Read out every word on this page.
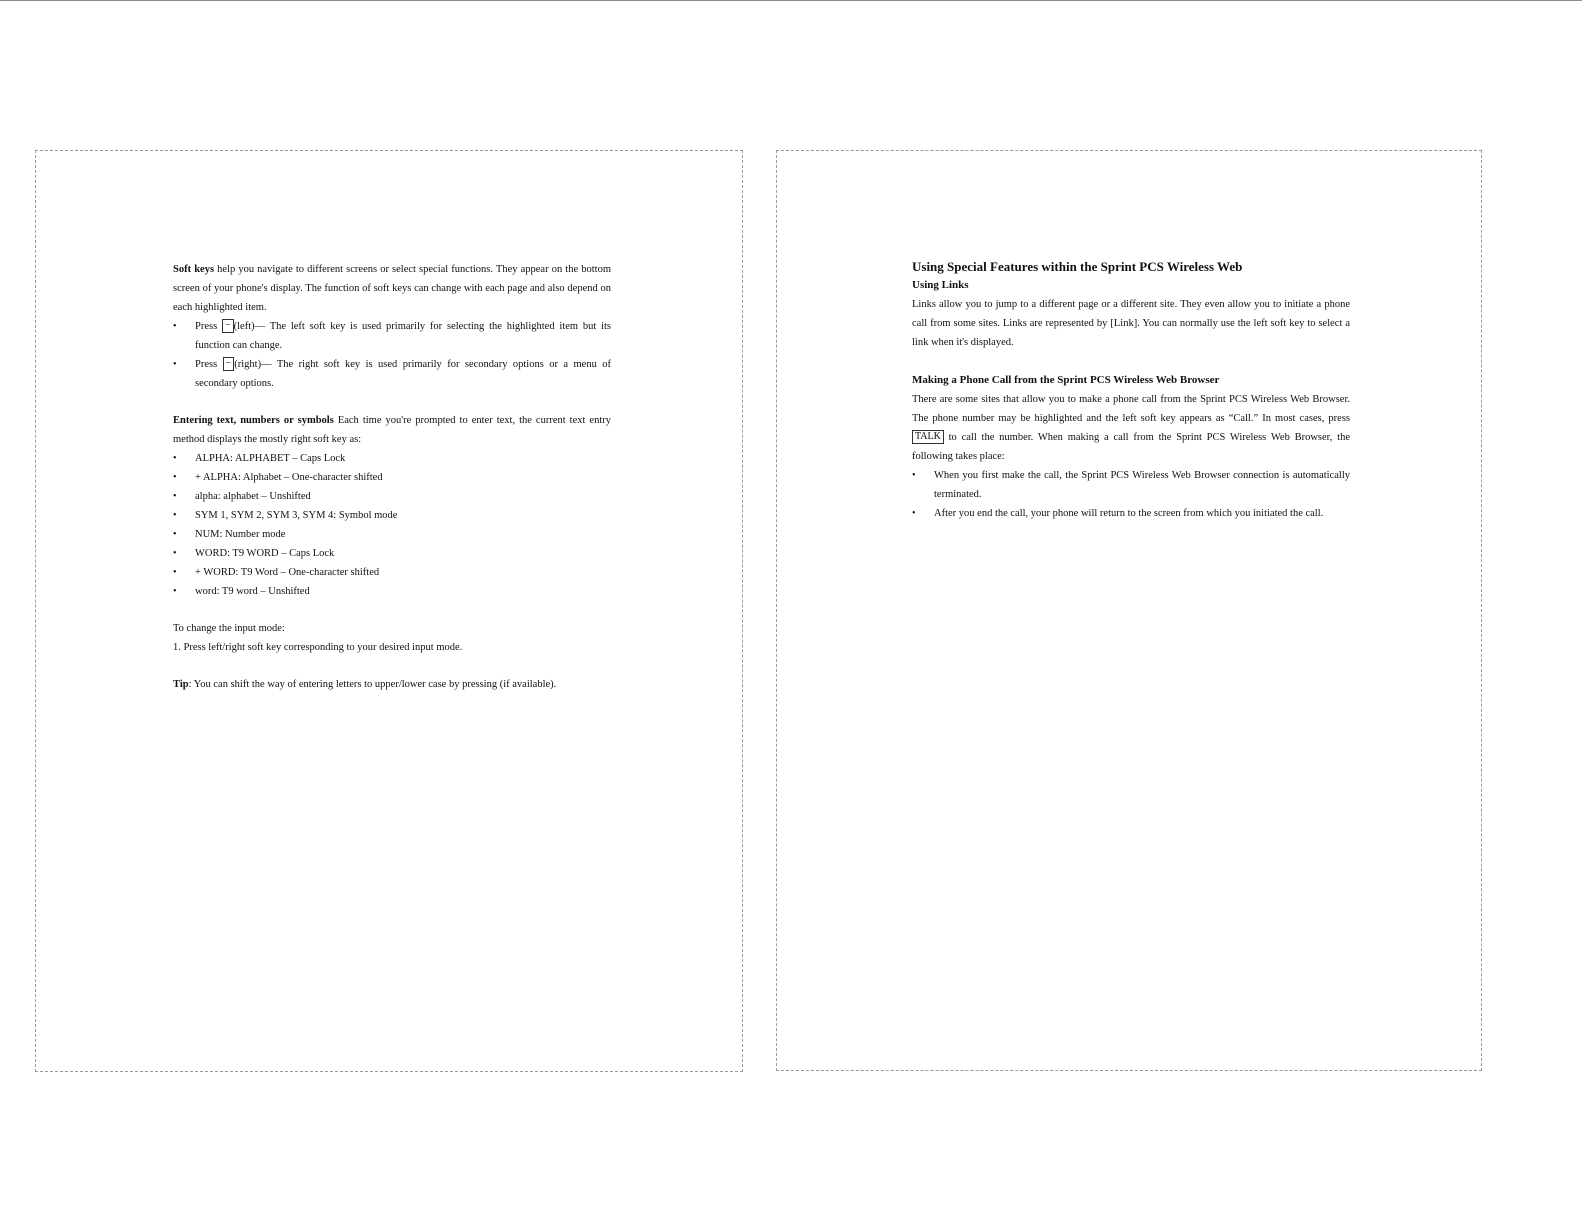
Soft keys help you navigate to different screens or select special functions. They appear on the bottom screen of your phone's display. The function of soft keys can change with each page and also depend on each highlighted item.

• Press − (left)— The left soft key is used primarily for selecting the highlighted item but its function can change.
• Press − (right)— The right soft key is used primarily for secondary options or a menu of secondary options.

Entering text, numbers or symbols Each time you're prompted to enter text, the current text entry method displays the mostly right soft key as:

• ALPHA: ALPHABET – Caps Lock
• + ALPHA: Alphabet – One-character shifted
• alpha: alphabet – Unshifted
• SYM 1, SYM 2, SYM 3, SYM 4: Symbol mode
• NUM: Number mode
• WORD: T9 WORD – Caps Lock
• + WORD: T9 Word – One-character shifted
• word: T9 word – Unshifted

To change the input mode:

1. Press left/right soft key corresponding to your desired input mode.

Tip: You can shift the way of entering letters to upper/lower case by pressing (if available).

Using Special Features within the Sprint PCS Wireless Web
Using Links

Links allow you to jump to a different page or a different site. They even allow you to initiate a phone call from some sites. Links are represented by [Link]. You can normally use the left soft key to select a link when it's displayed.

Making a Phone Call from the Sprint PCS Wireless Web Browser

There are some sites that allow you to make a phone call from the Sprint PCS Wireless Web Browser. The phone number may be highlighted and the left soft key appears as “Call.” In most cases, press TALK to call the number. When making a call from the Sprint PCS Wireless Web Browser, the following takes place:

• When you first make the call, the Sprint PCS Wireless Web Browser connection is automatically terminated.
• After you end the call, your phone will return to the screen from which you initiated the call.
